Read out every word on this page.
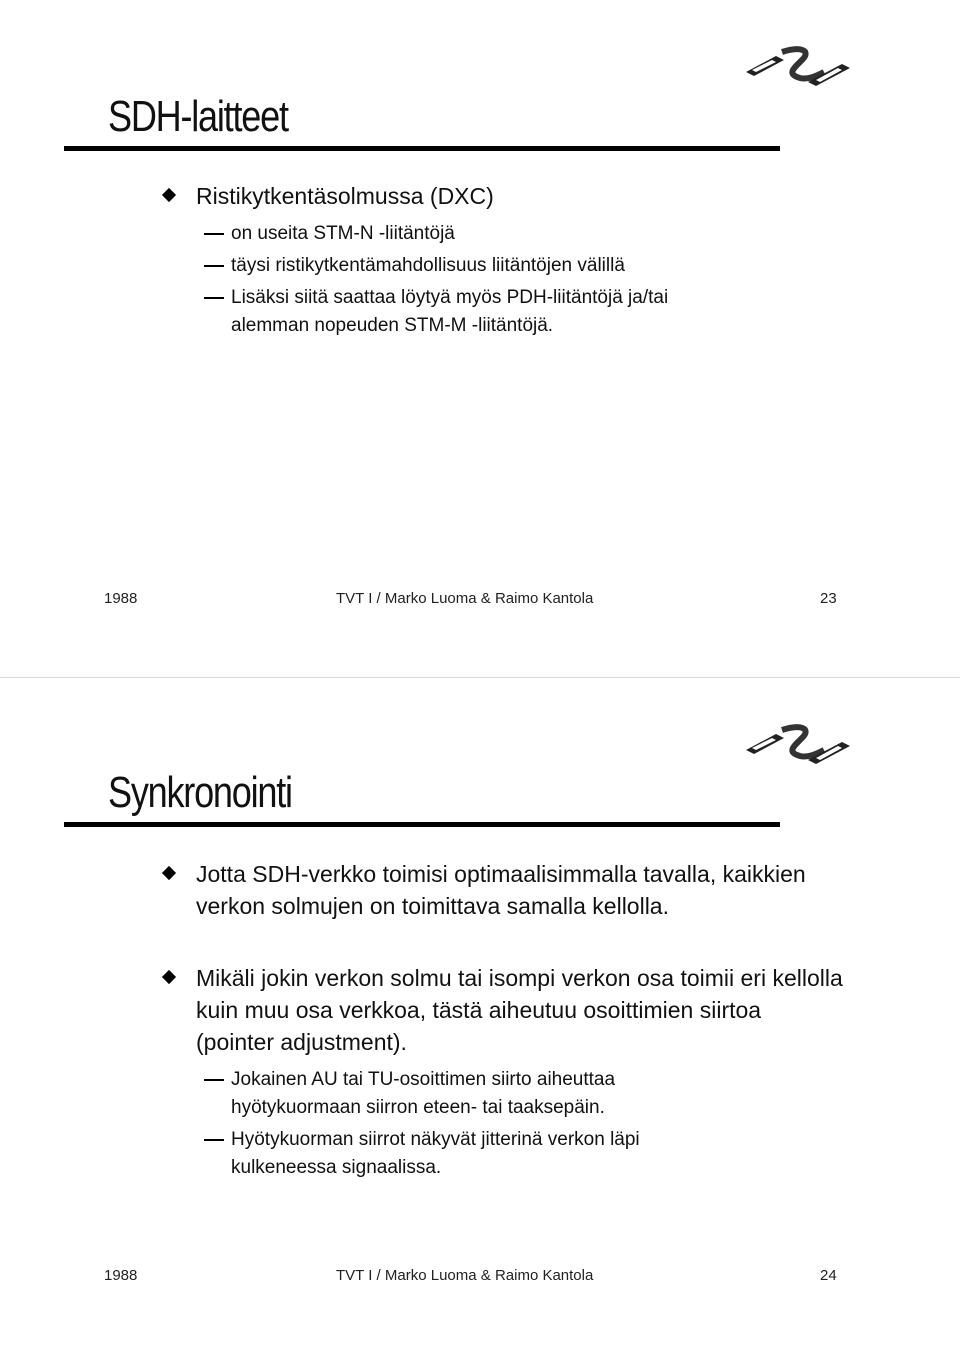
SDH-laitteet
Ristikytkentäsolmussa (DXC)
on useita STM-N -liitäntöjä
täysi ristikytkentämahdollisuus liitäntöjen välillä
Lisäksi siitä saattaa löytyä myös PDH-liitäntöjä ja/tai alemman nopeuden STM-M -liitäntöjä.
1988	TVT I / Marko Luoma & Raimo Kantola	23
Synkronointi
Jotta SDH-verkko toimisi optimaalisimmalla tavalla, kaikkien verkon solmujen on toimittava samalla kellolla.
Mikäli jokin verkon solmu tai isompi verkon osa toimii eri kellolla kuin muu osa verkkoa, tästä aiheutuu osoittimien siirtoa (pointer adjustment).
Jokainen AU tai TU-osoittimen siirto aiheuttaa hyötykuormaan siirron eteen- tai taaksepäin.
Hyötykuorman siirrot näkyvät jitterinä verkon läpi kulkeneessa signaalissa.
1988	TVT I / Marko Luoma & Raimo Kantola	24
